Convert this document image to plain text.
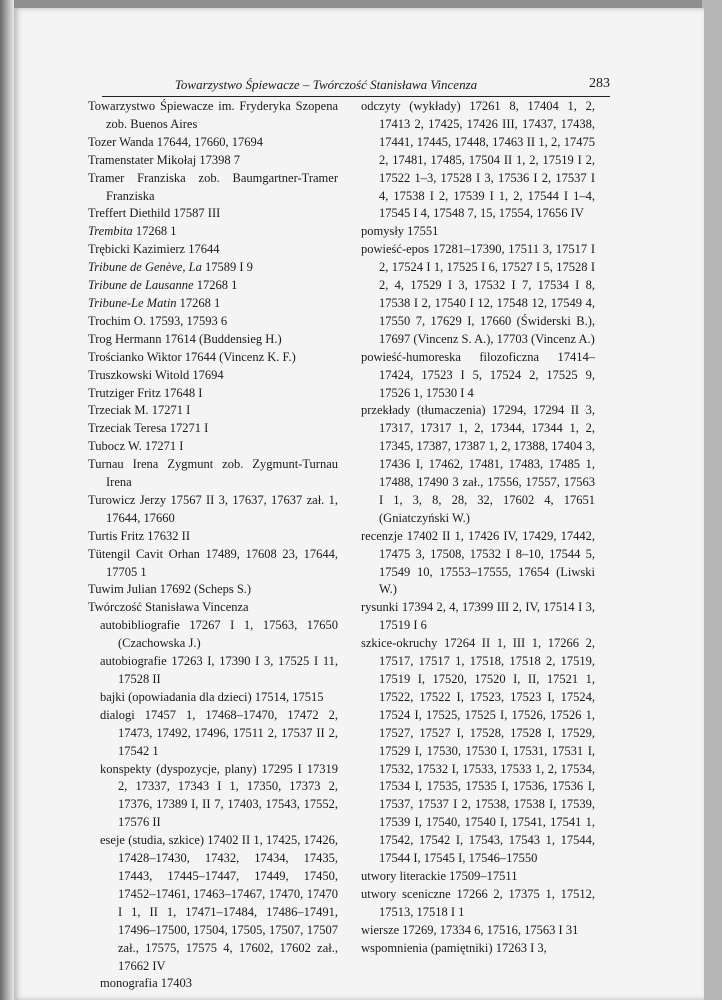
Towarzystwo Śpiewacze – Twórczość Stanisława Vincenza	283
Towarzystwo Śpiewacze im. Fryderyka Szopena zob. Buenos Aires
Tozer Wanda 17644, 17660, 17694
Tramenstater Mikołaj 17398 7
Tramer Franziska zob. Baumgartner-Tramer Franziska
Treffert Diethild 17587 III
Trembita 17268 1
Trębicki Kazimierz 17644
Tribune de Genève, La 17589 I 9
Tribune de Lausanne 17268 1
Tribune-Le Matin 17268 1
Trochim O. 17593, 17593 6
Trog Hermann 17614 (Buddensieg H.)
Trościanko Wiktor 17644 (Vincenz K. F.)
Truszkowski Witold 17694
Trutziger Fritz 17648 I
Trzeciak M. 17271 I
Trzeciak Teresa 17271 I
Tubocz W. 17271 I
Turnau Irena Zygmunt zob. Zygmunt-Turnau Irena
Turowicz Jerzy 17567 II 3, 17637, 17637 zał. 1, 17644, 17660
Turtis Fritz 17632 II
Tütengil Cavit Orhan 17489, 17608 23, 17644, 17705 1
Tuwim Julian 17692 (Scheps S.)
Twórczość Stanisława Vincenza
autobibliografie 17267 I 1, 17563, 17650 (Czachowska J.)
autobiografie 17263 I, 17390 I 3, 17525 I 11, 17528 II
bajki (opowiadania dla dzieci) 17514, 17515
dialogi 17457 1, 17468–17470, 17472 2, 17473, 17492, 17496, 17511 2, 17537 II 2, 17542 1
konspekty (dyspozycje, plany) 17295 I 17319 2, 17337, 17343 I 1, 17350, 17373 2, 17376, 17389 I, II 7, 17403, 17543, 17552, 17576 II
eseje (studia, szkice) 17402 II 1, 17425, 17426, 17428–17430, 17432, 17434, 17435, 17443, 17445–17447, 17449, 17450, 17452–17461, 17463–17467, 17470, 17470 I 1, II 1, 17471–17484, 17486–17491, 17496–17500, 17504, 17505, 17507, 17507 zał., 17575, 17575 4, 17602, 17602 zał., 17662 IV
monografia 17403
odczyty (wykłady) 17261 8, 17404 1, 2, 17413 2, 17425, 17426 III, 17437, 17438, 17441, 17445, 17448, 17463 II 1, 2, 17475 2, 17481, 17485, 17504 II 1, 2, 17519 I 2, 17522 1–3, 17528 I 3, 17536 I 2, 17537 I 4, 17538 I 2, 17539 I 1, 2, 17544 I 1–4, 17545 I 4, 17548 7, 15, 17554, 17656 IV
pomysły 17551
powieść-epos 17281–17390, 17511 3, 17517 I 2, 17524 I 1, 17525 I 6, 17527 I 5, 17528 I 2, 4, 17529 I 3, 17532 I 7, 17534 I 8, 17538 I 2, 17540 I 12, 17548 12, 17549 4, 17550 7, 17629 I, 17660 (Świderski B.), 17697 (Vincenz S. A.), 17703 (Vincenz A.)
powieść-humoreska filozoficzna 17414–17424, 17523 I 5, 17524 2, 17525 9, 17526 1, 17530 I 4
przekłady (tłumaczenia) 17294, 17294 II 3, 17317, 17317 1, 2, 17344, 17344 1, 2, 17345, 17387, 17387 1, 2, 17388, 17404 3, 17436 I, 17462, 17481, 17483, 17485 1, 17488, 17490 3 zał., 17556, 17557, 17563 I 1, 3, 8, 28, 32, 17602 4, 17651 (Gniatczyński W.)
recenzje 17402 II 1, 17426 IV, 17429, 17442, 17475 3, 17508, 17532 I 8–10, 17544 5, 17549 10, 17553–17555, 17654 (Liwski W.)
rysunki 17394 2, 4, 17399 III 2, IV, 17514 I 3, 17519 I 6
szkice-okruchy 17264 II 1, III 1, 17266 2, 17517, 17517 1, 17518, 17518 2, 17519, 17519 I, 17520, 17520 I, II, 17521 1, 17522, 17522 I, 17523, 17523 I, 17524, 17524 I, 17525, 17525 I, 17526, 17526 1, 17527, 17527 I, 17528, 17528 I, 17529, 17529 I, 17530, 17530 I, 17531, 17531 I, 17532, 17532 I, 17533, 17533 1, 2, 17534, 17534 I, 17535, 17535 I, 17536, 17536 I, 17537, 17537 I 2, 17538, 17538 I, 17539, 17539 I, 17540, 17540 I, 17541, 17541 1, 17542, 17542 I, 17543, 17543 1, 17544, 17544 I, 17545 I, 17546–17550
utwory literackie 17509–17511
utwory sceniczne 17266 2, 17375 1, 17512, 17513, 17518 I 1
wiersze 17269, 17334 6, 17516, 17563 I 31
wspomnienia (pamiętniki) 17263 I 3,
